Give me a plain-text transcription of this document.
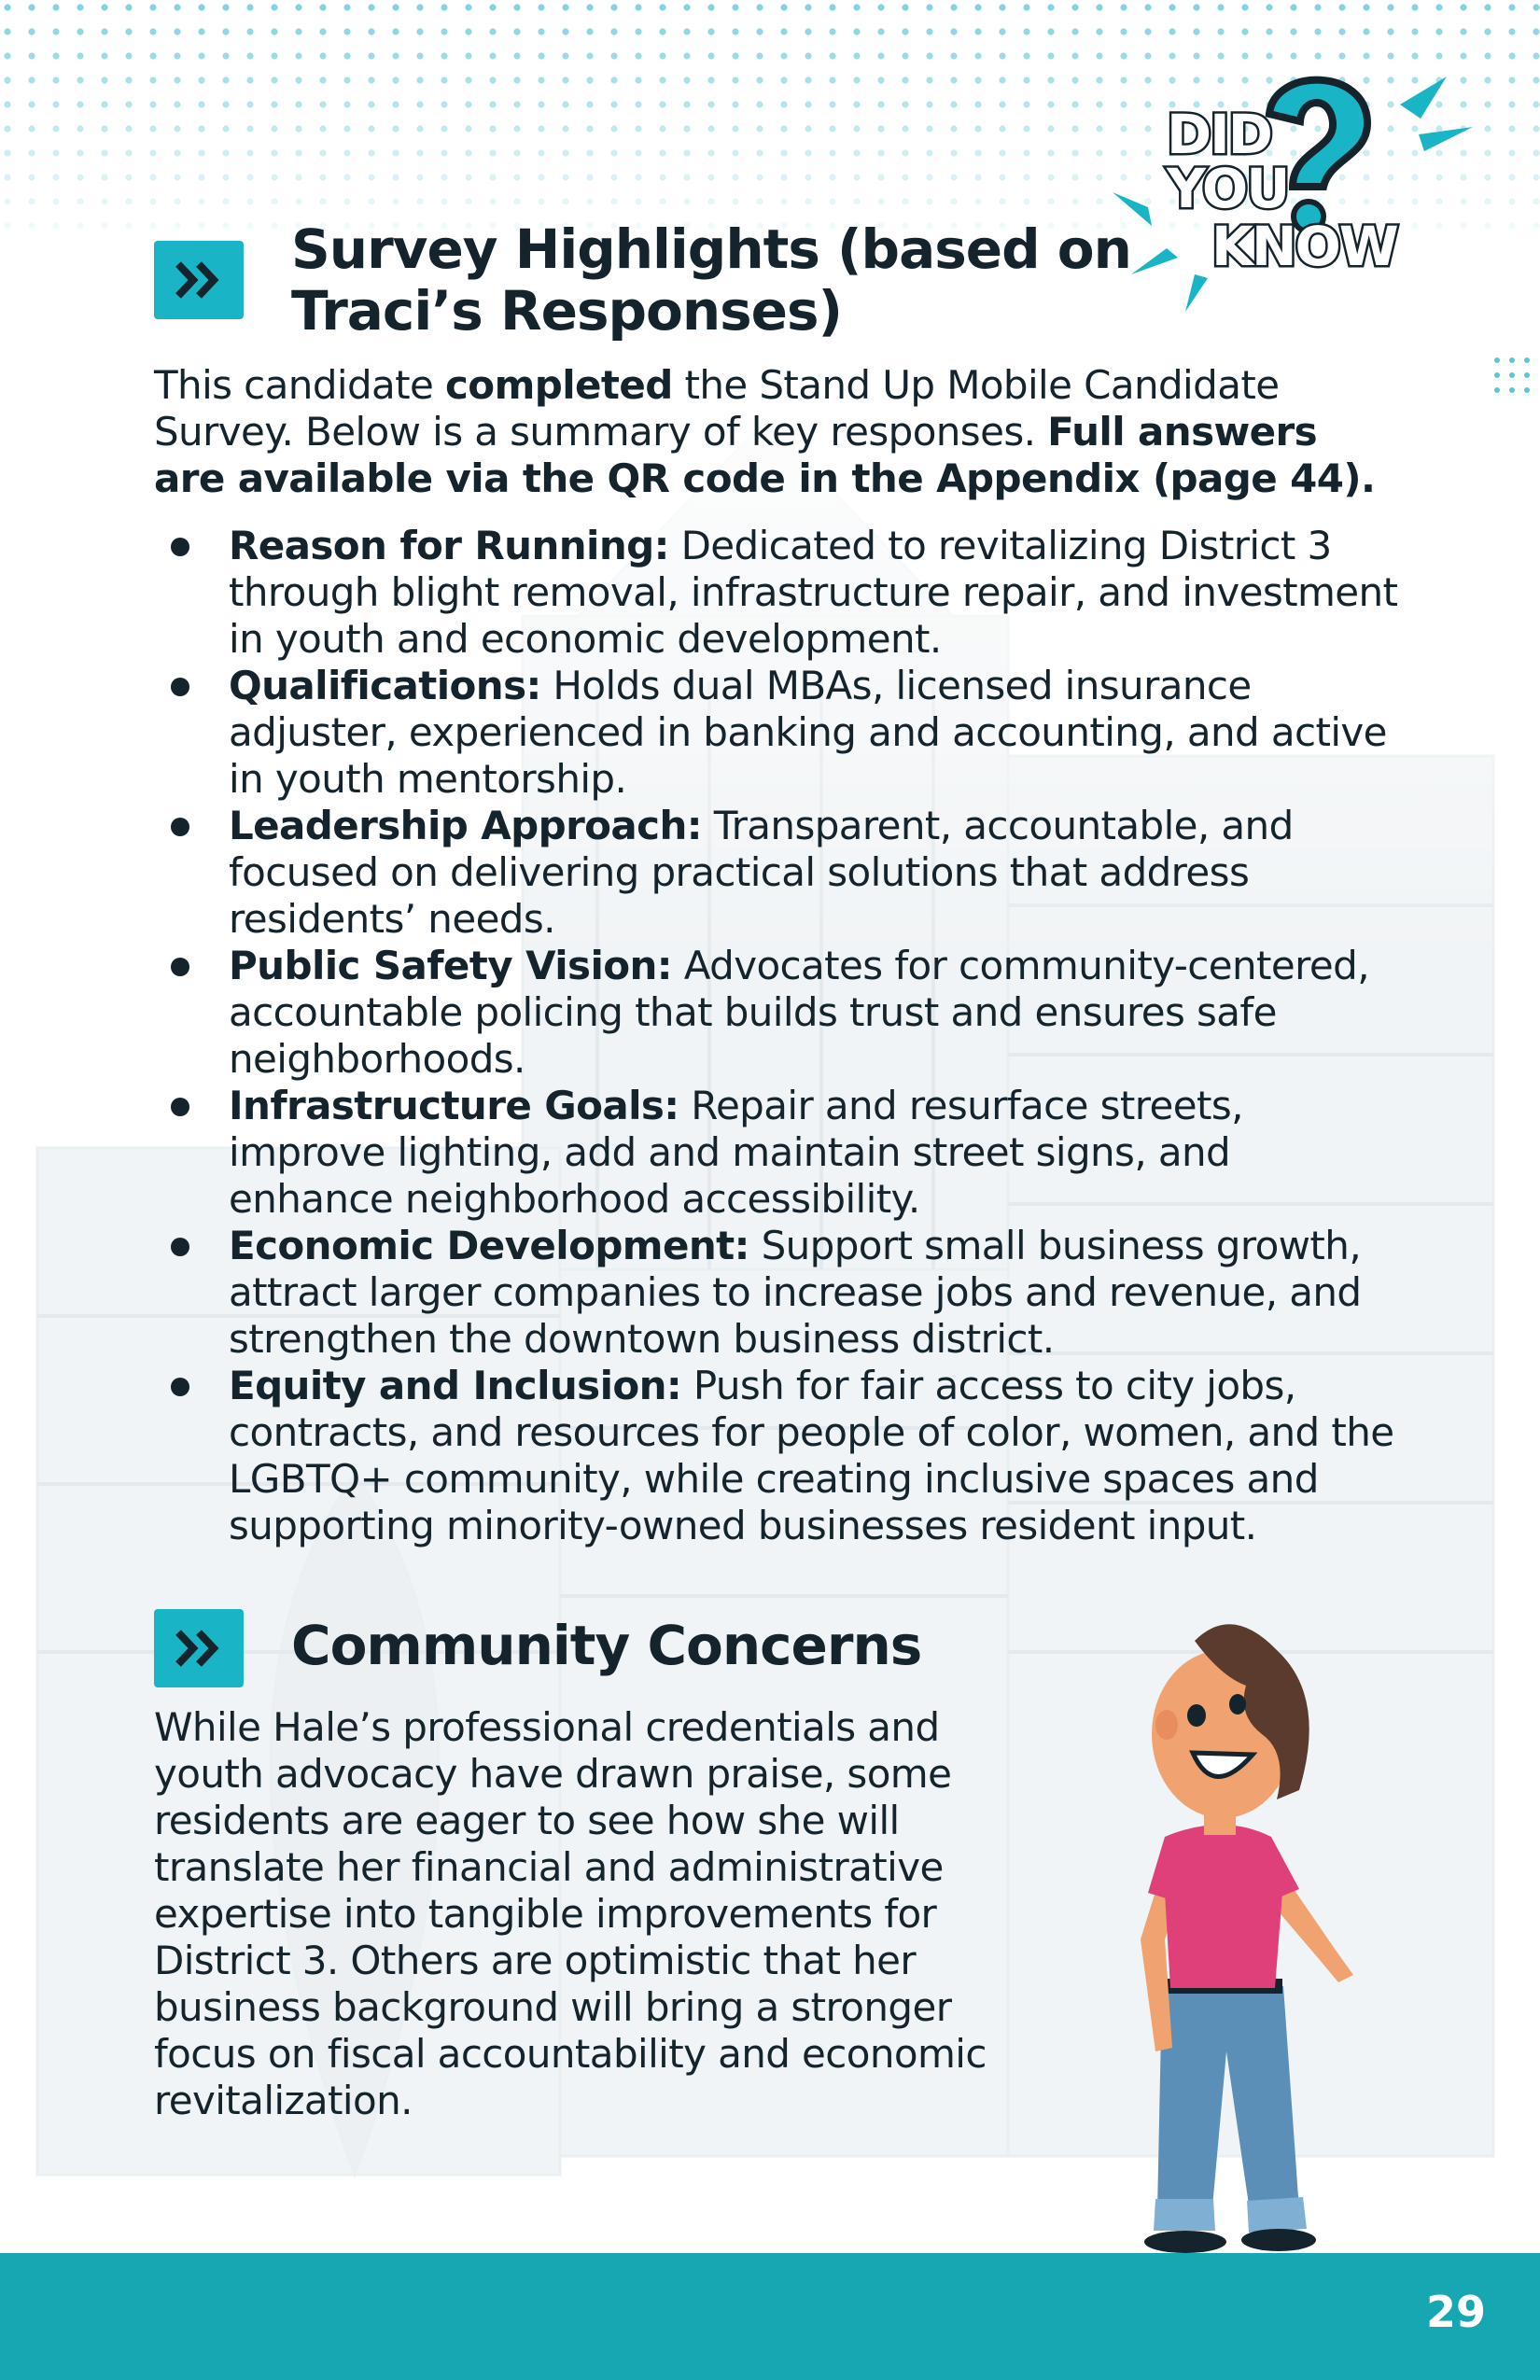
DID
YOU
KNOW
Survey Highlights (based on
Traci’s Responses)

This candidate completed the Stand Up Mobile Candidate Survey. Below is a summary of key responses. Full answers are available via the QR code in the Appendix (page 44).

Reason for Running: Dedicated to revitalizing District 3 through blight removal, infrastructure repair, and investment in youth and economic development.
Qualifications: Holds dual MBAs, licensed insurance adjuster, experienced in banking and accounting, and active in youth mentorship.
Leadership Approach: Transparent, accountable, and focused on delivering practical solutions that address residents’ needs.
Public Safety Vision: Advocates for community-centered, accountable policing that builds trust and ensures safe neighborhoods.
Infrastructure Goals: Repair and resurface streets, improve lighting, add and maintain street signs, and enhance neighborhood accessibility.
Economic Development: Support small business growth, attract larger companies to increase jobs and revenue, and strengthen the downtown business district.
Equity and Inclusion: Push for fair access to city jobs, contracts, and resources for people of color, women, and the LGBTQ+ community, while creating inclusive spaces and supporting minority-owned businesses resident input.
Community Concerns

While Hale’s professional credentials and youth advocacy have drawn praise, some residents are eager to see how she will translate her financial and administrative expertise into tangible improvements for District 3. Others are optimistic that her business background will bring a stronger focus on fiscal accountability and economic revitalization.

29
